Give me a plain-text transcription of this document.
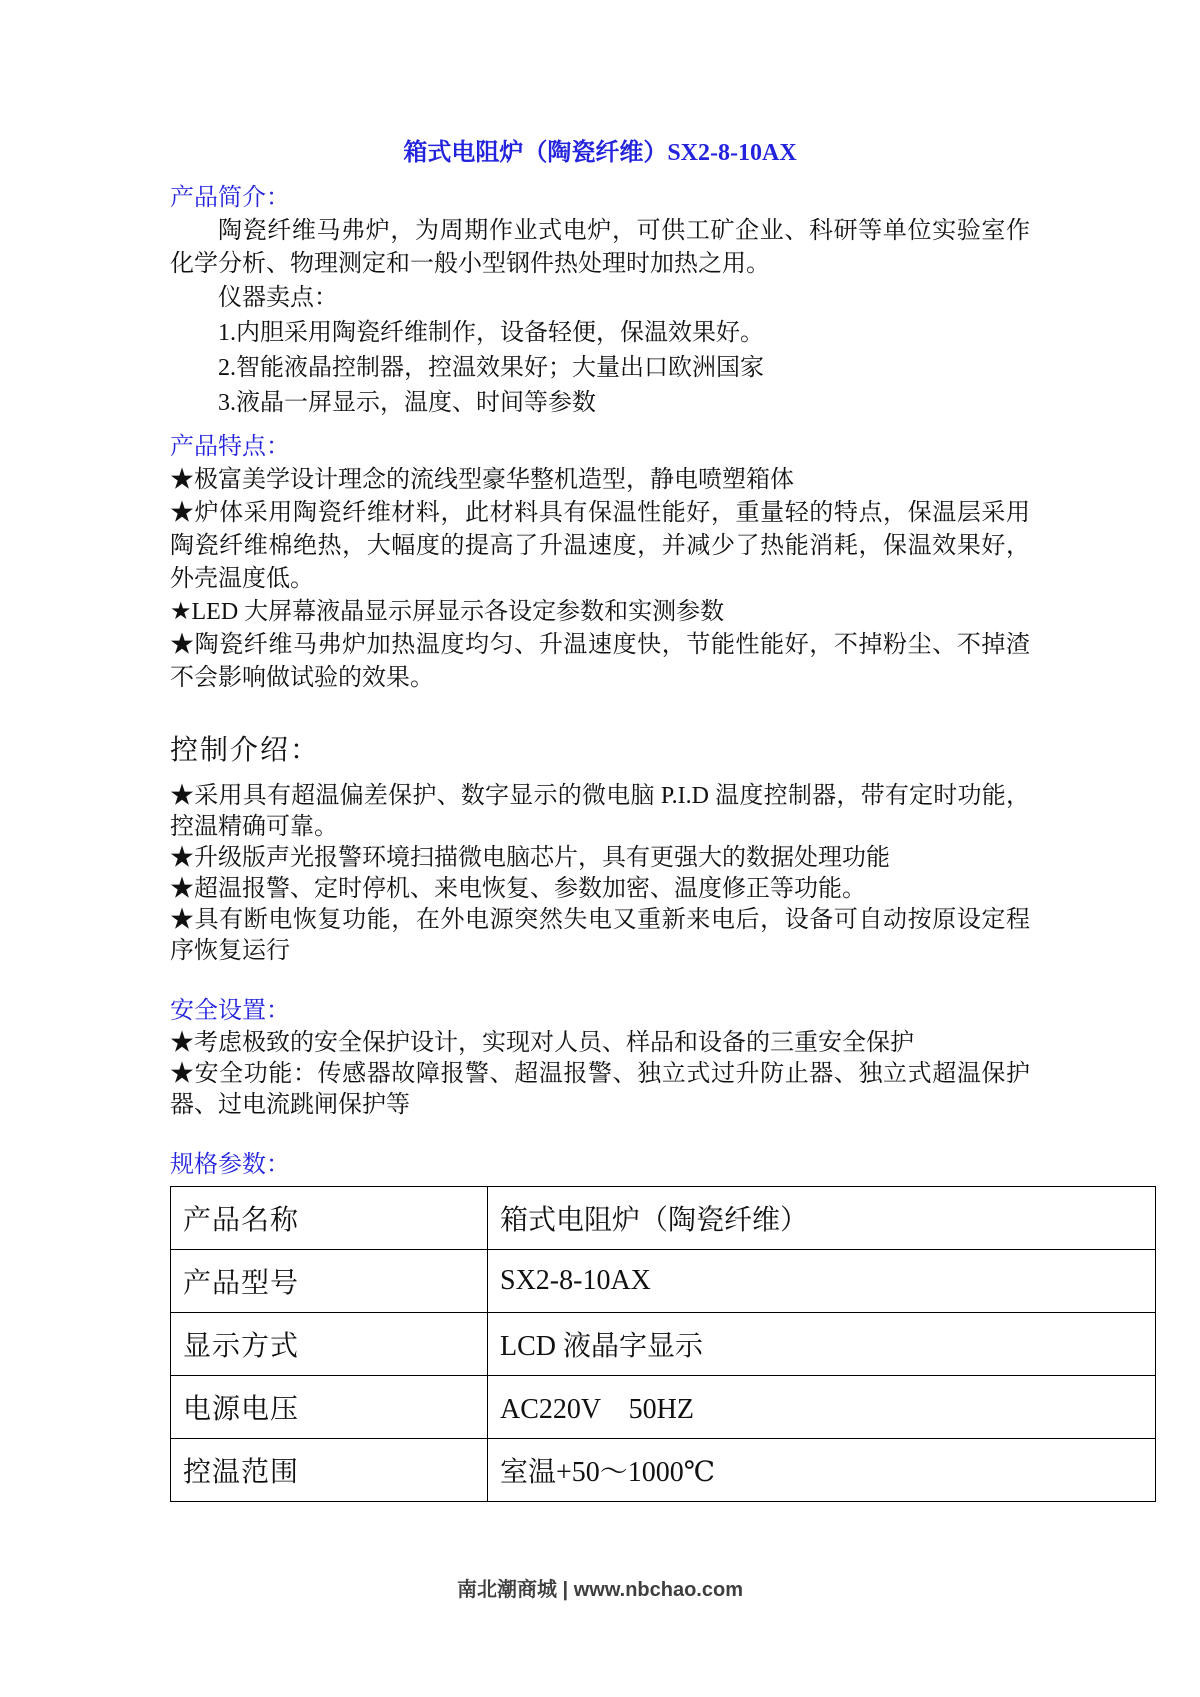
箱式电阻炉（陶瓷纤维）SX2-8-10AX
产品简介：

陶瓷纤维马弗炉，为周期作业式电炉，可供工矿企业、科研等单位实验室作化学分析、物理测定和一般小型钢件热处理时加热之用。

仪器卖点：

1.内胆采用陶瓷纤维制作，设备轻便，保温效果好。

2.智能液晶控制器，控温效果好；大量出口欧洲国家

3.液晶一屏显示，温度、时间等参数

产品特点：

★极富美学设计理念的流线型豪华整机造型，静电喷塑箱体

★炉体采用陶瓷纤维材料，此材料具有保温性能好，重量轻的特点，保温层采用陶瓷纤维棉绝热，大幅度的提高了升温速度，并减少了热能消耗，保温效果好，外壳温度低。

★LED 大屏幕液晶显示屏显示各设定参数和实测参数

★陶瓷纤维马弗炉加热温度均匀、升温速度快，节能性能好，不掉粉尘、不掉渣不会影响做试验的效果。

控制介绍：

★采用具有超温偏差保护、数字显示的微电脑 P.I.D 温度控制器，带有定时功能，控温精确可靠。

★升级版声光报警环境扫描微电脑芯片，具有更强大的数据处理功能

★超温报警、定时停机、来电恢复、参数加密、温度修正等功能。

★具有断电恢复功能，在外电源突然失电又重新来电后，设备可自动按原设定程序恢复运行

安全设置：

★考虑极致的安全保护设计，实现对人员、样品和设备的三重安全保护

★安全功能：传感器故障报警、超温报警、独立式过升防止器、独立式超温保护器、过电流跳闸保护等

规格参数：
产品名称	箱式电阻炉（陶瓷纤维）
产品型号	SX2-8-10AX
显示方式	LCD 液晶字显示
电源电压	AC220V　50HZ
控温范围	室温+50～1000℃
南北潮商城 | www.nbchao.com
